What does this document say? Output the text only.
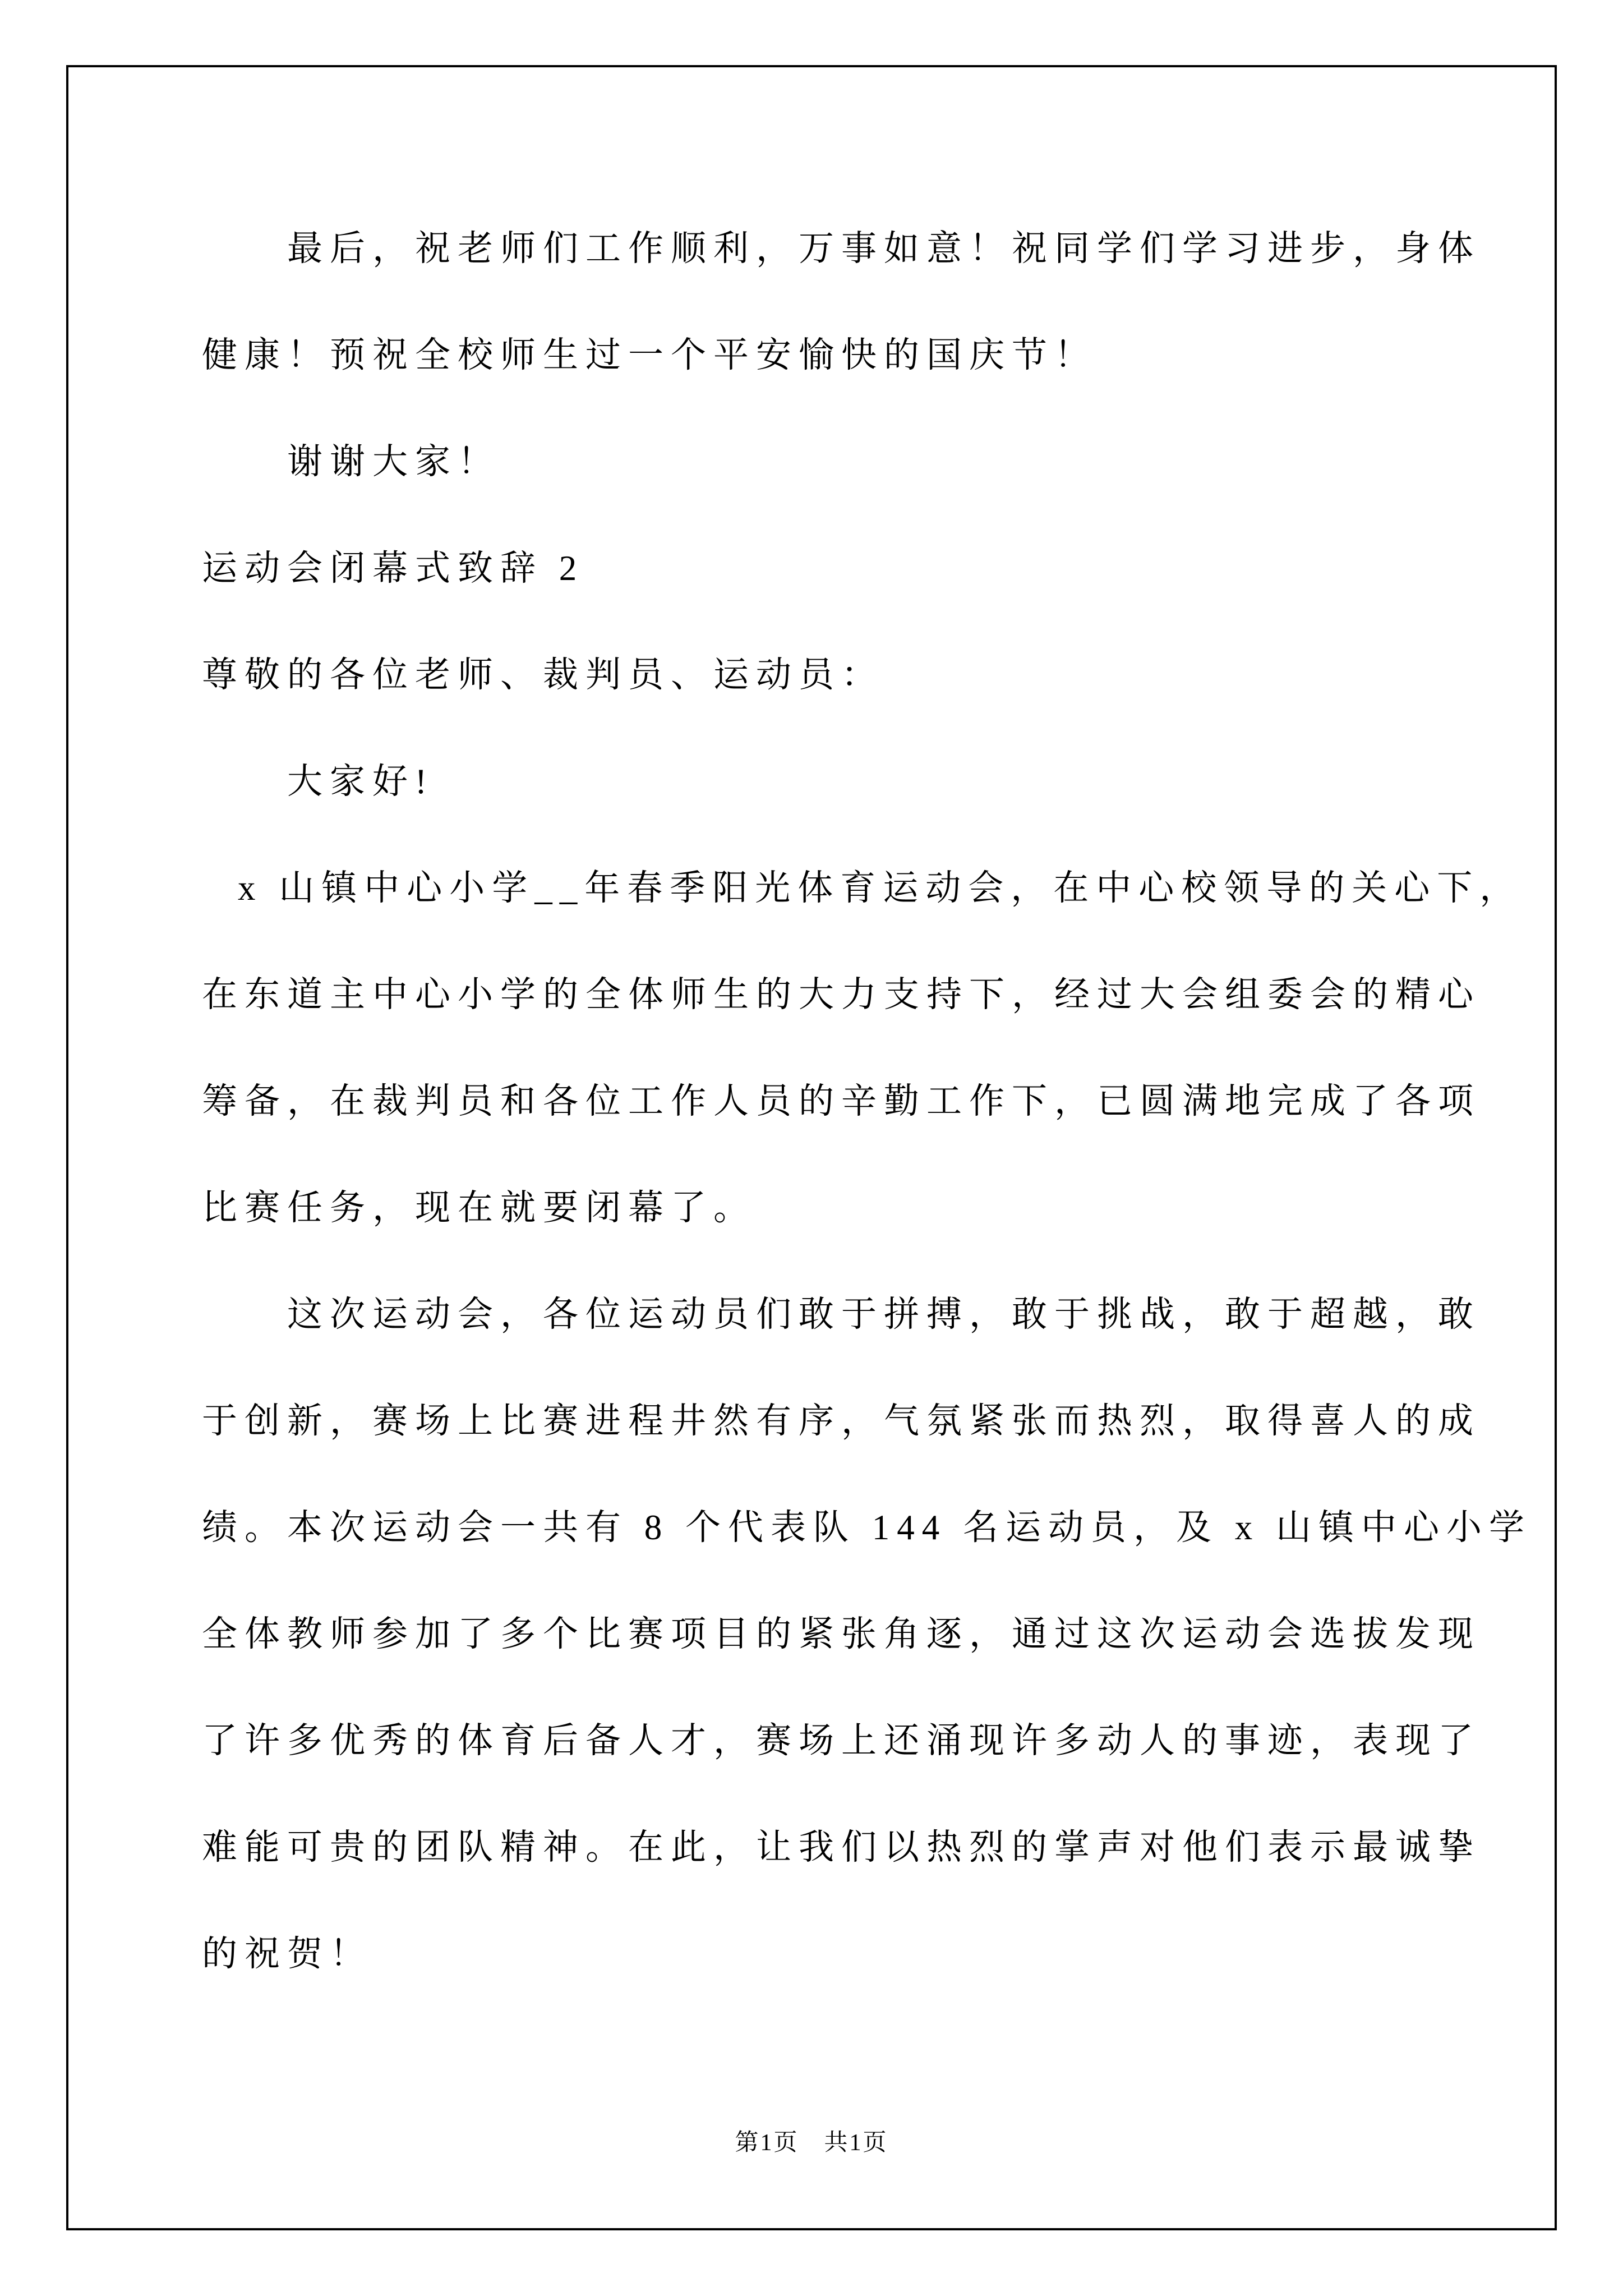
最后，祝老师们工作顺利，万事如意！祝同学们学习进步，身体
健康！预祝全校师生过一个平安愉快的国庆节！
谢谢大家！
运动会闭幕式致辞 2
尊敬的各位老师、裁判员、运动员：
大家好!
x 山镇中心小学__年春季阳光体育运动会，在中心校领导的关心下，
在东道主中心小学的全体师生的大力支持下，经过大会组委会的精心
筹备，在裁判员和各位工作人员的辛勤工作下，已圆满地完成了各项
比赛任务，现在就要闭幕了。
这次运动会，各位运动员们敢于拼搏，敢于挑战，敢于超越，敢
于创新，赛场上比赛进程井然有序，气氛紧张而热烈，取得喜人的成
绩。本次运动会一共有 8 个代表队 144 名运动员，及 x 山镇中心小学
全体教师参加了多个比赛项目的紧张角逐，通过这次运动会选拔发现
了许多优秀的体育后备人才，赛场上还涌现许多动人的事迹，表现了
难能可贵的团队精神。在此，让我们以热烈的掌声对他们表示最诚挚
的祝贺！
第1页　共1页
